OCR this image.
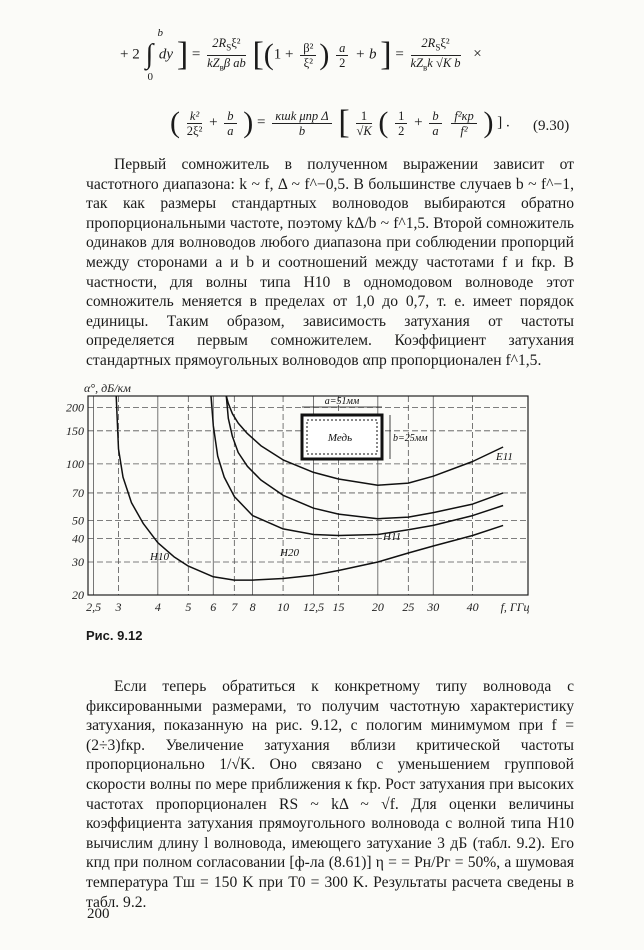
+ 2 ∫
b
0
dy ] = $\frac{2R_S\xi^2}{kZ_в\beta ab} [(1 + \frac{\text{β²}}{\text{ξ²}}$ ) $\frac{a}{2} + b$ ] = $\frac{2R_S\xi^2}{kZ_вk √K b}$ ×
( $\frac{\text{k²}}{\text{2ξ²}} + \frac{b}{a}$ ) = $\frac{\text{κшk μпр Δ}}{b}$ [ $\frac{1}{√K}$ ( $\frac{1}{2} + \frac{b}{a}$
$\frac{\text{f²кр}}{\text{f²}}$ ) ] . (9.30)

Первый сомножитель в полученном выражении зависит от частотного диапазона: k ~ f, Δ ~ f^−0,5. В большинстве случаев b ~ f^−1, так как размеры стандартных волноводов выбираются обратно пропорциональными частоте, поэтому kΔ/b ~ f^1,5. Второй сомножитель одинаков для волноводов любого диапазона при соблюдении пропорций между сторонами a и b и соотношений между частотами f и fкр. В частности, для волны типа H10 в одномодовом волноводе этот сомножитель меняется в пределах от 1,0 до 0,7, т. е. имеет порядок единицы. Таким образом, зависимость затухания от частоты определяется первым сомножителем. Коэффициент затухания стандартных прямоугольных волноводов αпр пропорционален f^1,5.

2,5 3	4 5 6 7 8 10 12,5 15 20 25 30 40 f, ГГц
20
30
40
50
70
100
150
200
α°, дБ/км
H10	H20
H11
E11
a=51мм
b=25мм
Медь
Рис. 9.12

Если теперь обратиться к конкретному типу волновода с фиксированными размерами, то получим частотную характеристику затухания, показанную на рис. 9.12, с пологим минимумом при f = (2÷3)fкр. Увеличение затухания вблизи критической частоты пропорционально 1/√K. Оно связано с уменьшением групповой скорости волны по мере приближения к fкр. Рост затухания при высоких частотах пропорционален RS ~ kΔ ~ √f. Для оценки величины коэффициента затухания прямоугольного волновода с волной типа H10 вычислим длину l волновода, имеющего затухание 3 дБ (табл. 9.2). Его кпд при полном согласовании [ф-ла (8.61)] η = = Pн/Pг = 50%, а шумовая температура Tш = 150 K при T0 = 300 K. Результаты расчета сведены в табл. 9.2.

200
